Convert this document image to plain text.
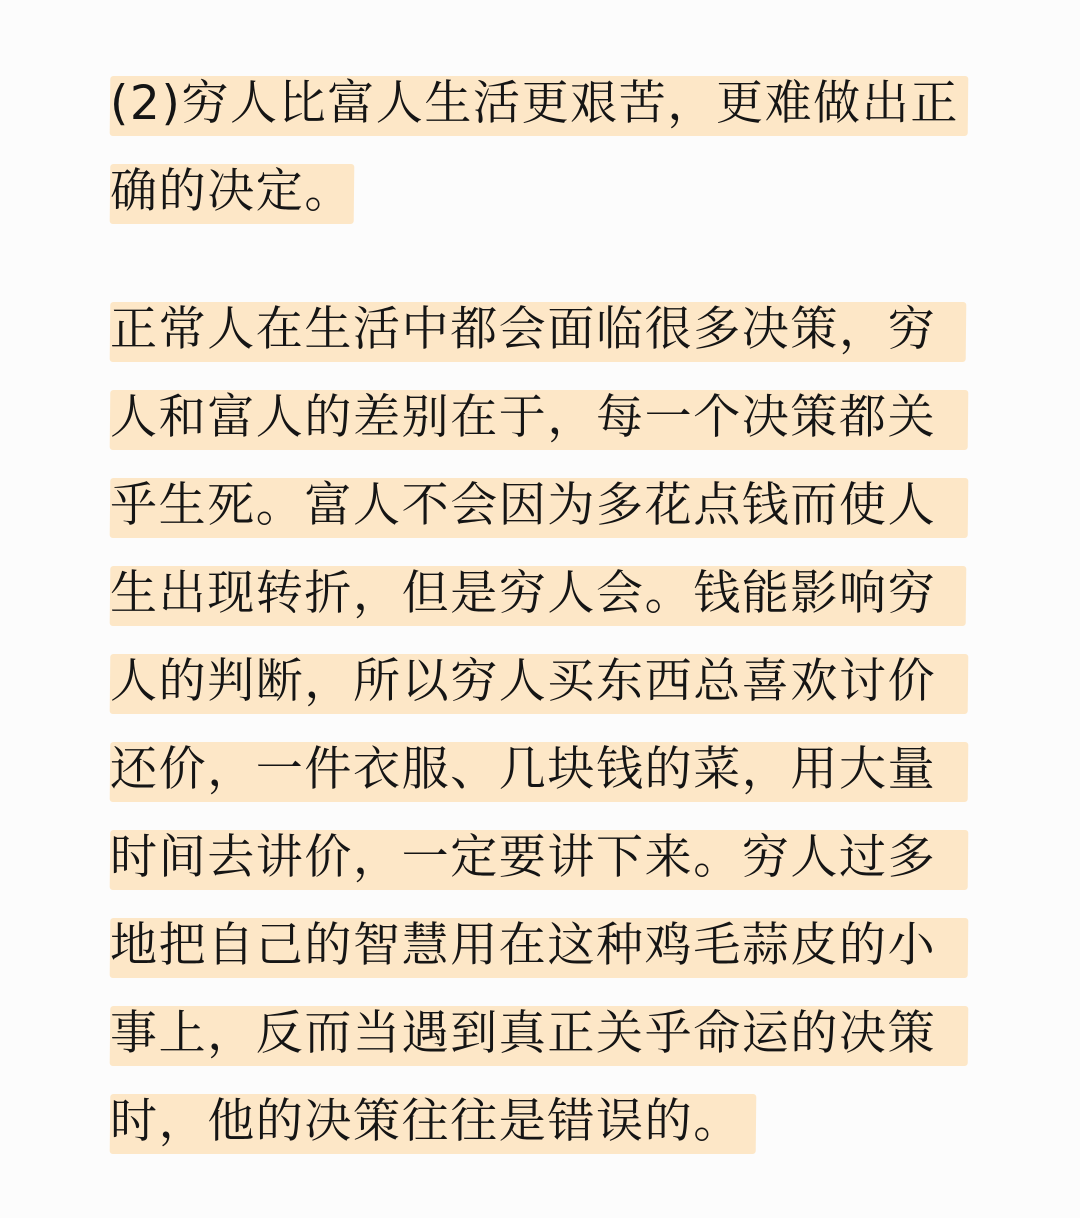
(2)穷人比富人生活更艰苦，更难做出正
确的决定。
正常人在生活中都会面临很多决策，穷
人和富人的差别在于，每一个决策都关
乎生死。富人不会因为多花点钱而使人
生出现转折，但是穷人会。钱能影响穷
人的判断，所以穷人买东西总喜欢讨价
还价，一件衣服、几块钱的菜，用大量
时间去讲价，一定要讲下来。穷人过多
地把自己的智慧用在这种鸡毛蒜皮的小
事上，反而当遇到真正关乎命运的决策
时，他的决策往往是错误的。
